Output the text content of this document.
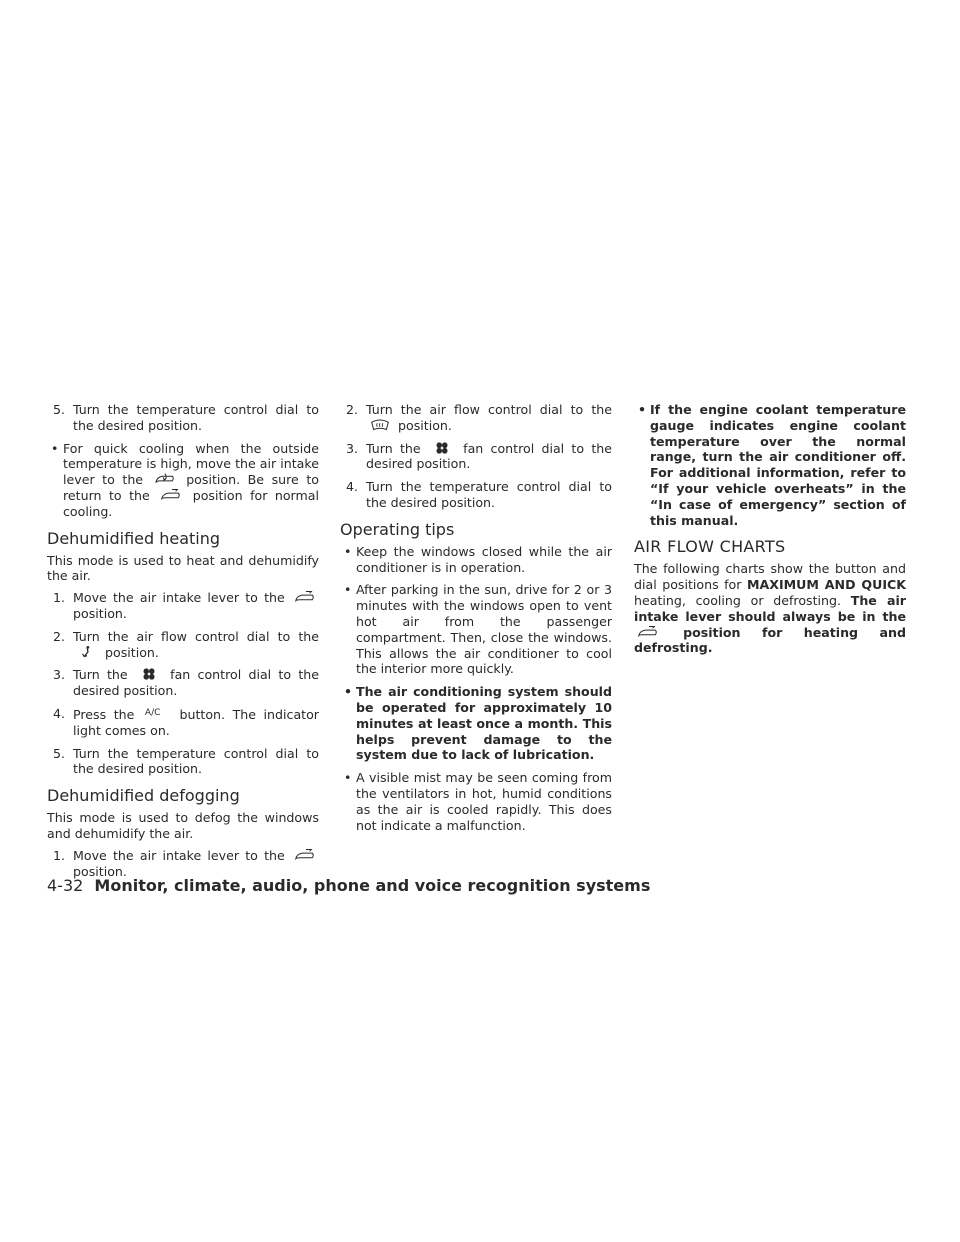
5. Turn the temperature control dial to the desired position.
• For quick cooling when the outside temperature is high, move the air intake lever to the	position. Be sure to return to the	position for normal cooling.
Dehumidified heating

This mode is used to heat and dehumidify the air.

1. Move the air intake lever to the
position.
2. Turn the air flow control dial to the
position.
3. Turn the	fan control dial to the desired position.
4. Press the A/C button. The indicator light comes on.
5. Turn the temperature control dial to the desired position.
Dehumidified defogging

This mode is used to defog the windows and dehumidify the air.

1. Move the air intake lever to the
position.
2. Turn the air flow control dial to the
position.
3. Turn the	fan control dial to the desired position.
4. Turn the temperature control dial to the desired position.
Operating tips
• Keep the windows closed while the air conditioner is in operation.
• After parking in the sun, drive for 2 or 3 minutes with the windows open to vent hot air from the passenger compartment. Then, close the windows. This allows the air conditioner to cool the interior more quickly.
• The air conditioning system should be operated for approximately 10 minutes at least once a month. This helps prevent damage to the system due to lack of lubrication.
• A visible mist may be seen coming from the ventilators in hot, humid conditions as the air is cooled rapidly. This does not indicate a malfunction.
• If the engine coolant temperature gauge indicates engine coolant temperature over the normal range, turn the air conditioner off. For additional information, refer to “If your vehicle overheats” in the “In case of emergency” section of this manual.
AIR FLOW CHARTS

The following charts show the button and dial positions for MAXIMUM AND QUICK heating, cooling or defrosting. The air intake lever should always be in the
position for heating and defrosting.

4-32 Monitor, climate, audio, phone and voice recognition systems
